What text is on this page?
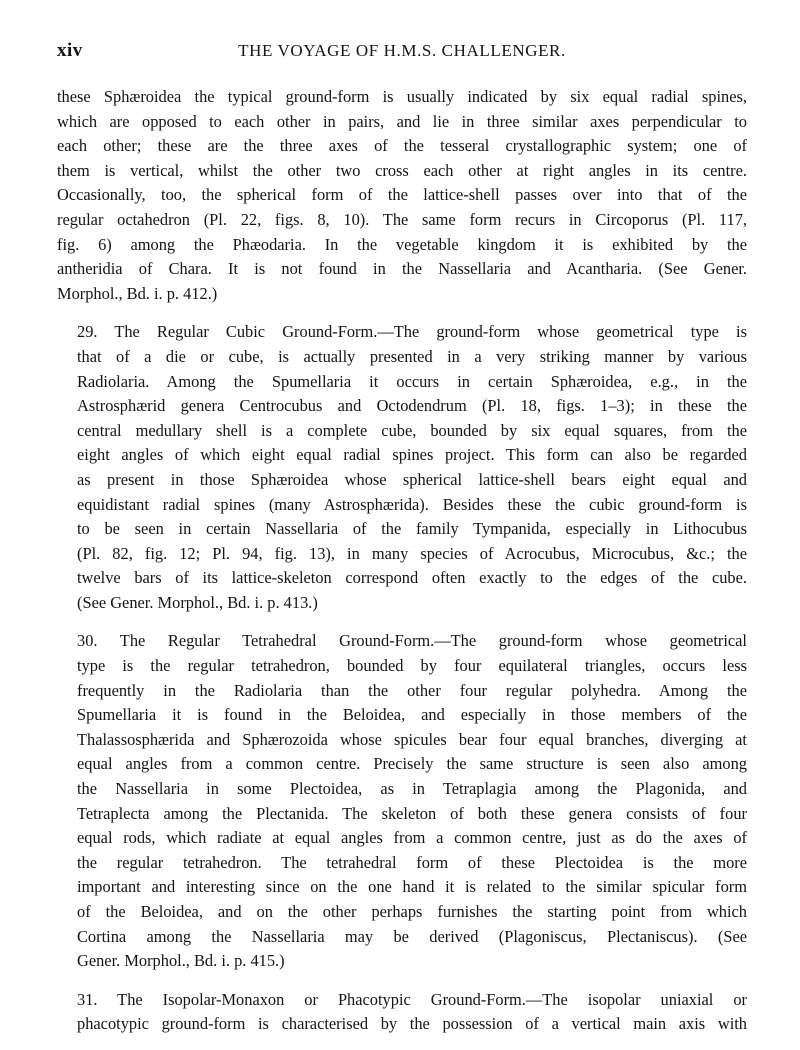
xiv	THE VOYAGE OF H.M.S. CHALLENGER.
these Sphæroidea the typical ground-form is usually indicated by six equal radial spines,
which are opposed to each other in pairs, and lie in three similar axes perpendicular to
each other; these are the three axes of the tesseral crystallographic system; one of
them is vertical, whilst the other two cross each other at right angles in its centre.
Occasionally, too, the spherical form of the lattice-shell passes over into that of the
regular octahedron (Pl. 22, figs. 8, 10). The same form recurs in Circoporus (Pl. 117,
fig. 6) among the Phæodaria. In the vegetable kingdom it is exhibited by the
antheridia of Chara. It is not found in the Nassellaria and Acantharia. (See Gener.
Morphol., Bd. i. p. 412.)
29. The Regular Cubic Ground-Form.—The ground-form whose geometrical type is
that of a die or cube, is actually presented in a very striking manner by various
Radiolaria. Among the Spumellaria it occurs in certain Sphæroidea, e.g., in the
Astrosphærid genera Centrocubus and Octodendrum (Pl. 18, figs. 1–3); in these the
central medullary shell is a complete cube, bounded by six equal squares, from the
eight angles of which eight equal radial spines project. This form can also be regarded
as present in those Sphæroidea whose spherical lattice-shell bears eight equal and
equidistant radial spines (many Astrosphærida). Besides these the cubic ground-form is
to be seen in certain Nassellaria of the family Tympanida, especially in Lithocubus
(Pl. 82, fig. 12; Pl. 94, fig. 13), in many species of Acrocubus, Microcubus, &c.; the
twelve bars of its lattice-skeleton correspond often exactly to the edges of the cube.
(See Gener. Morphol., Bd. i. p. 413.)
30. The Regular Tetrahedral Ground-Form.—The ground-form whose geometrical
type is the regular tetrahedron, bounded by four equilateral triangles, occurs less
frequently in the Radiolaria than the other four regular polyhedra. Among the
Spumellaria it is found in the Beloidea, and especially in those members of the
Thalassosphærida and Sphærozoida whose spicules bear four equal branches, diverging at
equal angles from a common centre. Precisely the same structure is seen also among
the Nassellaria in some Plectoidea, as in Tetraplagia among the Plagonida, and
Tetraplecta among the Plectanida. The skeleton of both these genera consists of four
equal rods, which radiate at equal angles from a common centre, just as do the axes of
the regular tetrahedron. The tetrahedral form of these Plectoidea is the more
important and interesting since on the one hand it is related to the similar spicular form
of the Beloidea, and on the other perhaps furnishes the starting point from which
Cortina among the Nassellaria may be derived (Plagoniscus, Plectaniscus). (See
Gener. Morphol., Bd. i. p. 415.)
31. The Isopolar-Monaxon or Phacotypic Ground-Form.—The isopolar uniaxial or
phacotypic ground-form is characterised by the possession of a vertical main axis with
